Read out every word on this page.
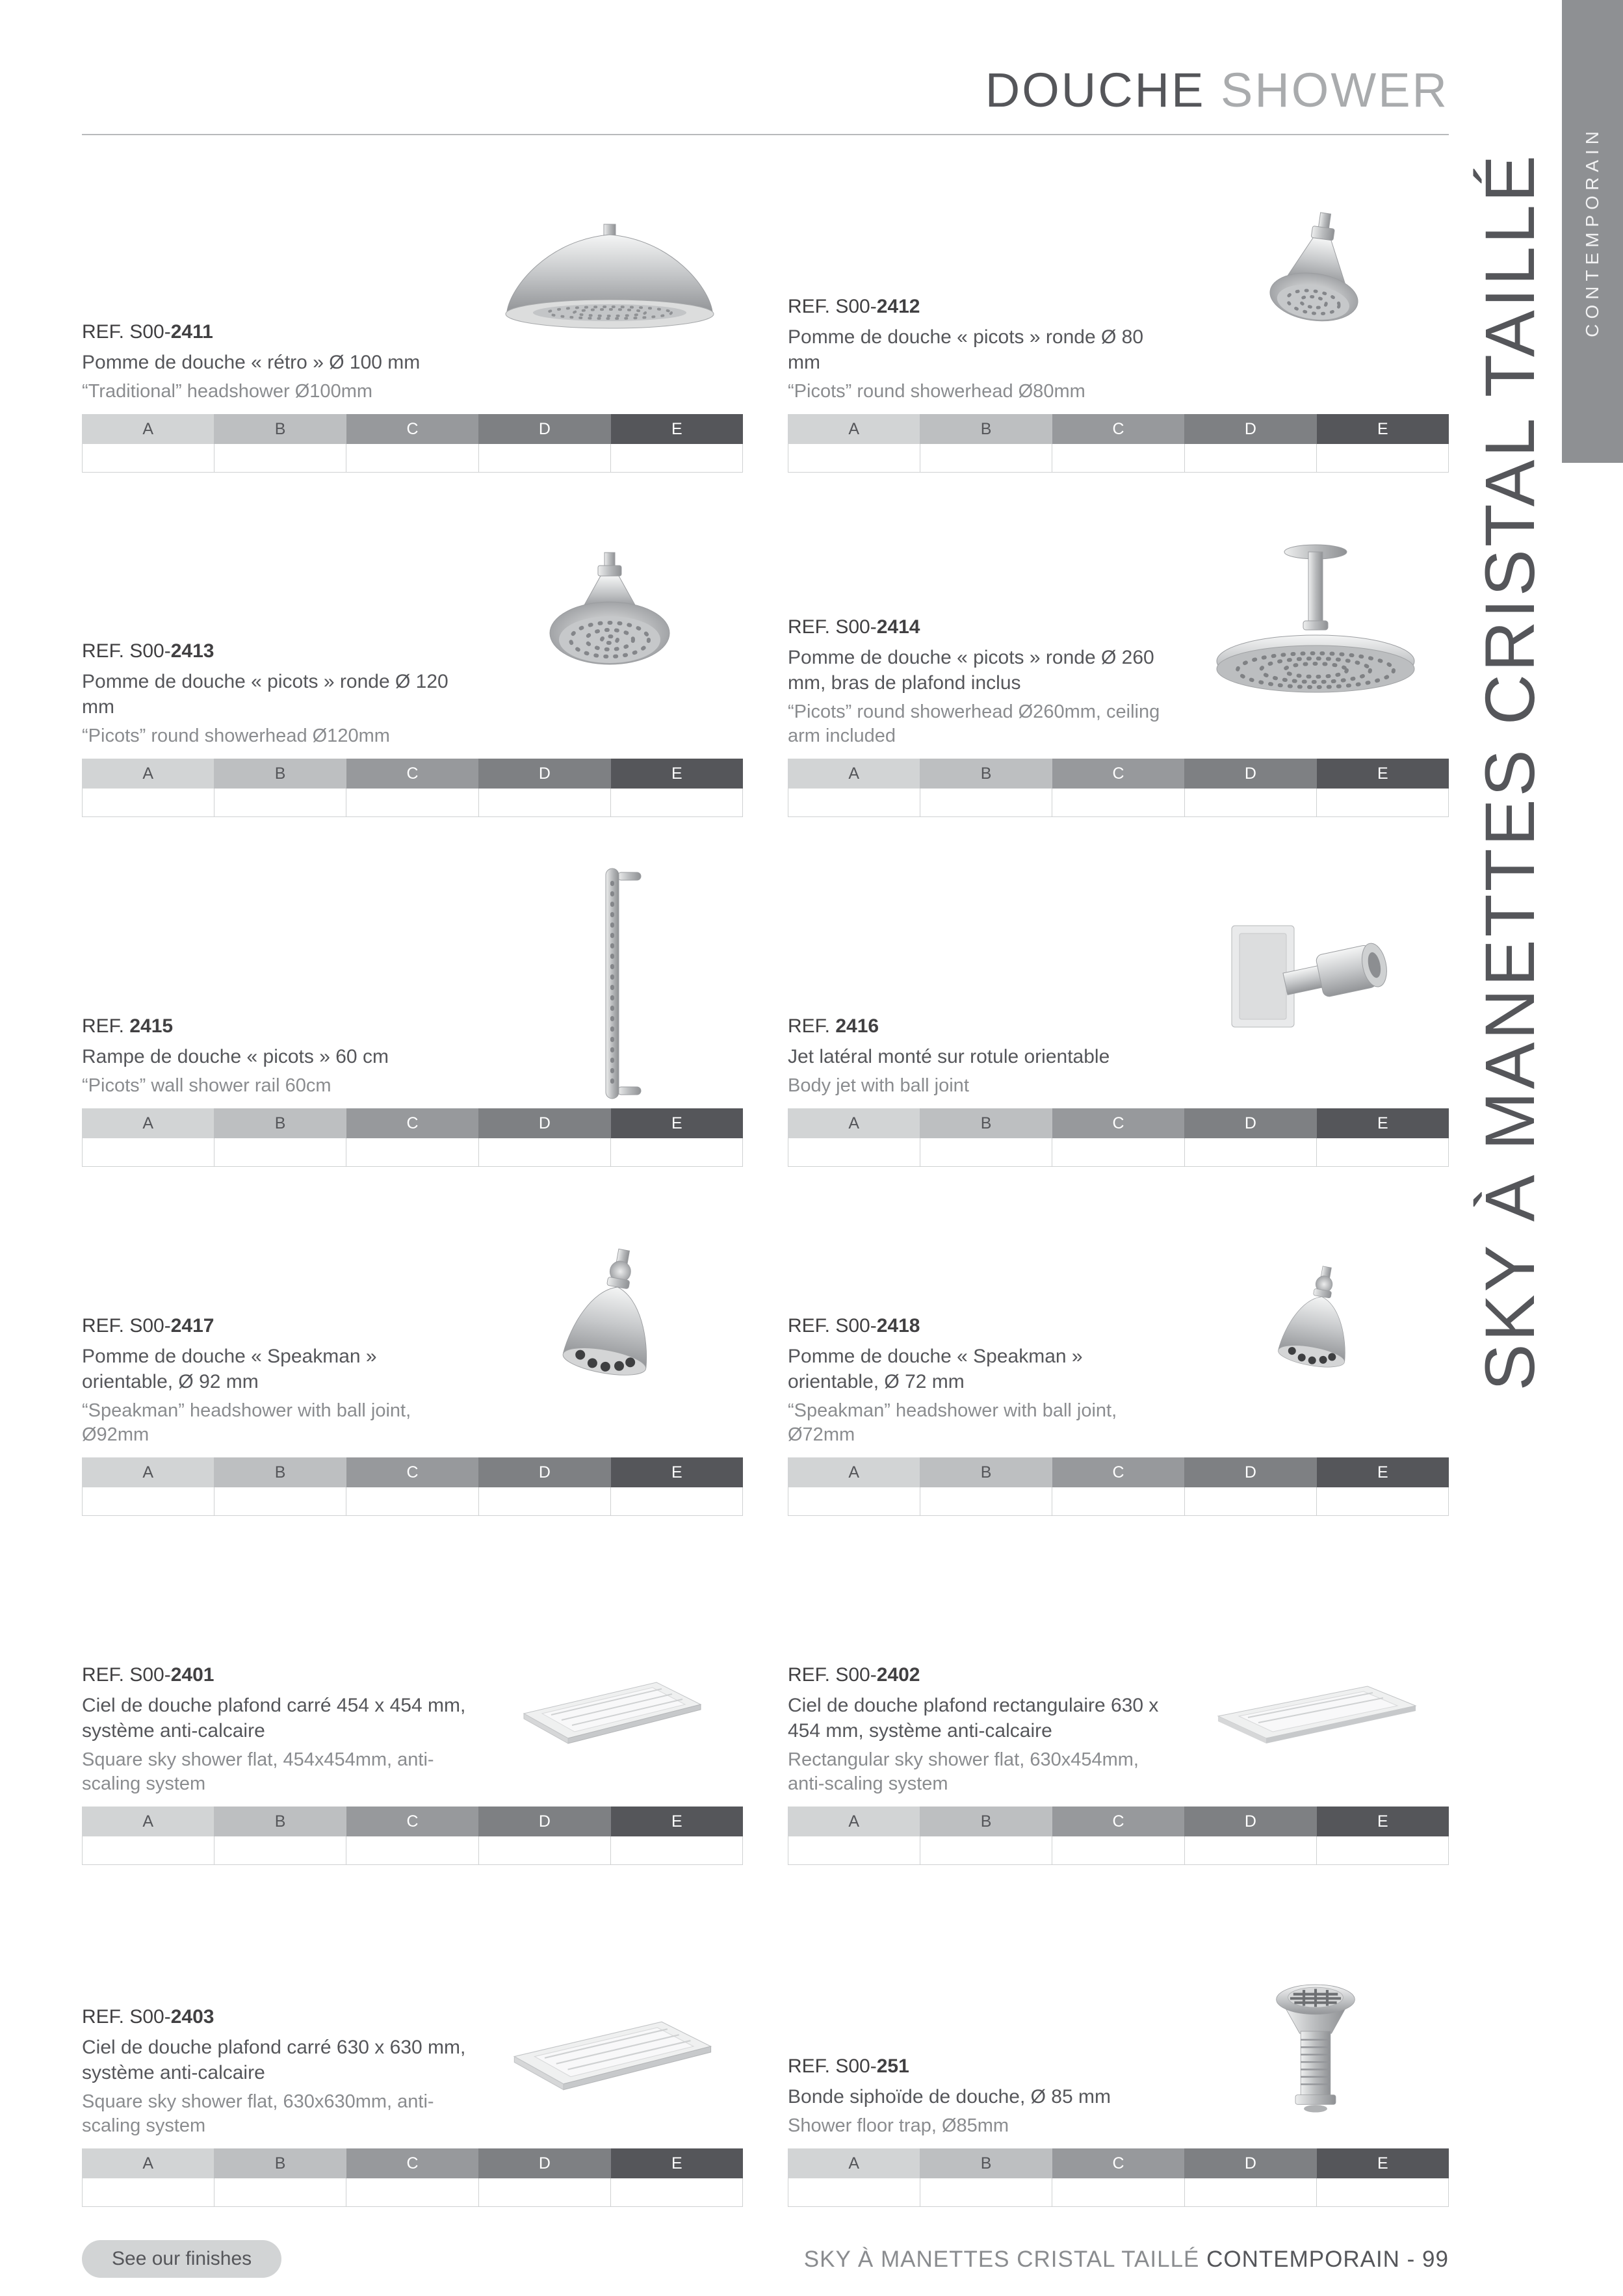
DOUCHE SHOWER
CONTEMPORAIN
SKY À MANETTES CRISTAL TAILLÉ
REF. S00-2411
Pomme de douche « rétro » Ø 100 mm
“Traditional” headshower Ø100mm
A	B	C	D	E
REF. S00-2412
Pomme de douche « picots » ronde Ø 80 mm
“Picots” round showerhead Ø80mm
A	B	C	D	E
REF. S00-2413
Pomme de douche « picots » ronde Ø 120 mm
“Picots” round showerhead Ø120mm
A	B	C	D	E
REF. S00-2414
Pomme de douche « picots » ronde Ø 260 mm, bras de plafond inclus
“Picots” round showerhead Ø260mm, ceiling arm included
A	B	C	D	E
REF. 2415
Rampe de douche « picots » 60 cm
“Picots” wall shower rail 60cm
A	B	C	D	E
REF. 2416
Jet latéral monté sur rotule orientable
Body jet with ball joint
A	B	C	D	E
REF. S00-2417
Pomme de douche « Speakman » orientable, Ø 92 mm
“Speakman” headshower with ball joint, Ø92mm
A	B	C	D	E
REF. S00-2418
Pomme de douche « Speakman » orientable, Ø 72 mm
“Speakman” headshower with ball joint, Ø72mm
A	B	C	D	E
REF. S00-2401
Ciel de douche plafond carré 454 x 454 mm, système anti-calcaire
Square sky shower flat, 454x454mm, anti-scaling system
A	B	C	D	E
REF. S00-2402
Ciel de douche plafond rectangulaire 630 x 454 mm, système anti-calcaire
Rectangular sky shower flat, 630x454mm, anti-scaling system
A	B	C	D	E
REF. S00-2403
Ciel de douche plafond carré 630 x 630 mm, système anti-calcaire
Square sky shower flat, 630x630mm, anti-scaling system
A	B	C	D	E
REF. S00-251
Bonde siphoïde de douche, Ø 85 mm
Shower floor trap, Ø85mm
A	B	C	D	E
See our finishes	SKY À MANETTES CRISTAL TAILLÉ CONTEMPORAIN - 99
